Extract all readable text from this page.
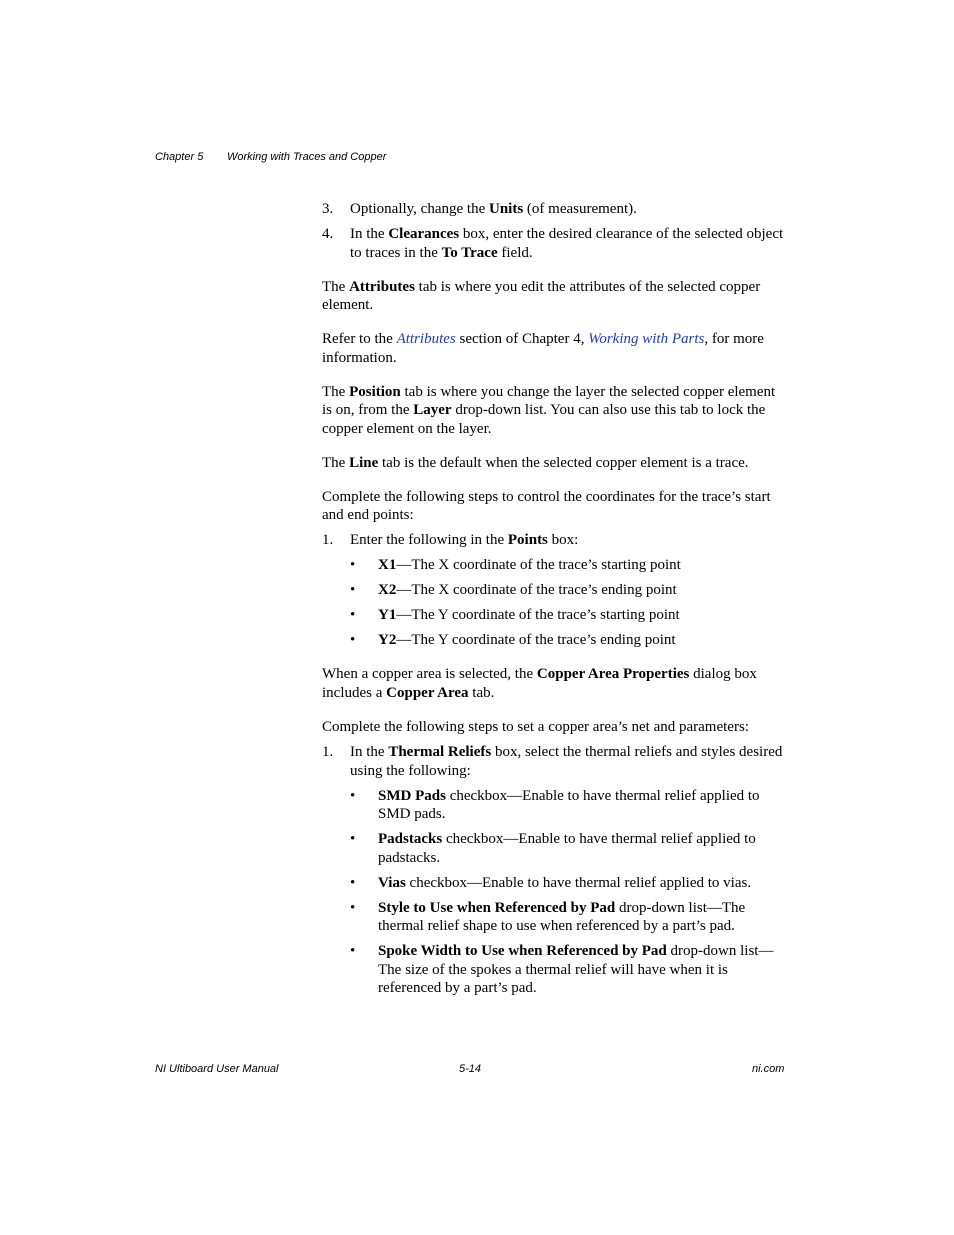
Chapter 5 Working with Traces and Copper
3. Optionally, change the Units (of measurement).
4. In the Clearances box, enter the desired clearance of the selected object to traces in the To Trace field.

The Attributes tab is where you edit the attributes of the selected copper element.

Refer to the Attributes section of Chapter 4, Working with Parts, for more information.

The Position tab is where you change the layer the selected copper element is on, from the Layer drop-down list. You can also use this tab to lock the copper element on the layer.

The Line tab is the default when the selected copper element is a trace.

Complete the following steps to control the coordinates for the trace’s start and end points:

1. Enter the following in the Points box:
• X1—The X coordinate of the trace’s starting point
• X2—The X coordinate of the trace’s ending point
• Y1—The Y coordinate of the trace’s starting point
• Y2—The Y coordinate of the trace’s ending point

When a copper area is selected, the Copper Area Properties dialog box includes a Copper Area tab.

Complete the following steps to set a copper area’s net and parameters:

1. In the Thermal Reliefs box, select the thermal reliefs and styles desired using the following:
• SMD Pads checkbox—Enable to have thermal relief applied to SMD pads.
• Padstacks checkbox—Enable to have thermal relief applied to padstacks.
• Vias checkbox—Enable to have thermal relief applied to vias.
• Style to Use when Referenced by Pad drop-down list—The thermal relief shape to use when referenced by a part’s pad.
• Spoke Width to Use when Referenced by Pad drop-down list—The size of the spokes a thermal relief will have when it is referenced by a part’s pad.
NI Ultiboard User Manual	5-14	ni.com
